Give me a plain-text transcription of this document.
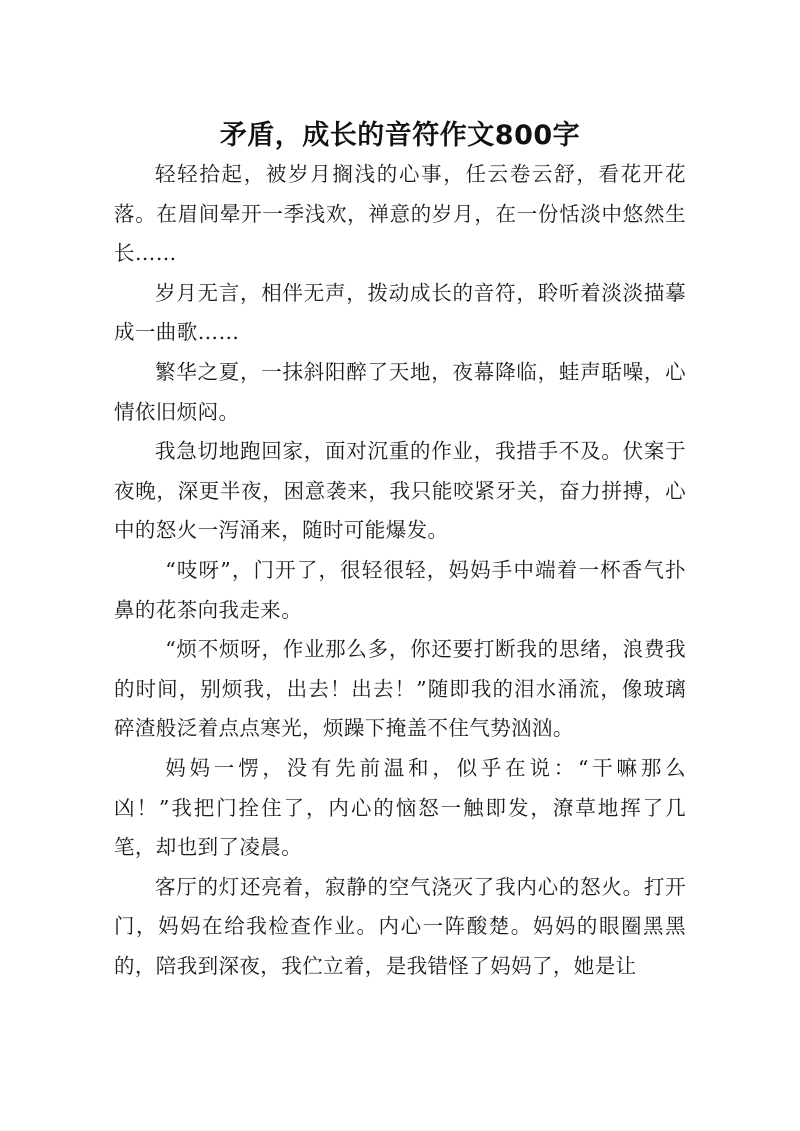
矛盾，成长的音符作文800字

轻轻拾起，被岁月搁浅的心事，任云卷云舒，看花开花落。在眉间晕开一季浅欢，禅意的岁月，在一份恬淡中悠然生长……

岁月无言，相伴无声，拨动成长的音符，聆听着淡淡描摹成一曲歌……

繁华之夏，一抹斜阳醉了天地，夜幕降临，蛙声聒噪，心情依旧烦闷。

我急切地跑回家，面对沉重的作业，我措手不及。伏案于夜晚，深更半夜，困意袭来，我只能咬紧牙关，奋力拼搏，心中的怒火一泻涌来，随时可能爆发。

“吱呀”，门开了，很轻很轻，妈妈手中端着一杯香气扑鼻的花茶向我走来。

“烦不烦呀，作业那么多，你还要打断我的思绪，浪费我的时间，别烦我，出去！出去！”随即我的泪水涌流，像玻璃碎渣般泛着点点寒光，烦躁下掩盖不住气势汹汹。

妈妈一愣，没有先前温和，似乎在说：“干嘛那么凶！”我把门拴住了，内心的恼怒一触即发，潦草地挥了几笔，却也到了凌晨。

客厅的灯还亮着，寂静的空气浇灭了我内心的怒火。打开门，妈妈在给我检查作业。内心一阵酸楚。妈妈的眼圈黑黑的，陪我到深夜，我伫立着，是我错怪了妈妈了，她是让
